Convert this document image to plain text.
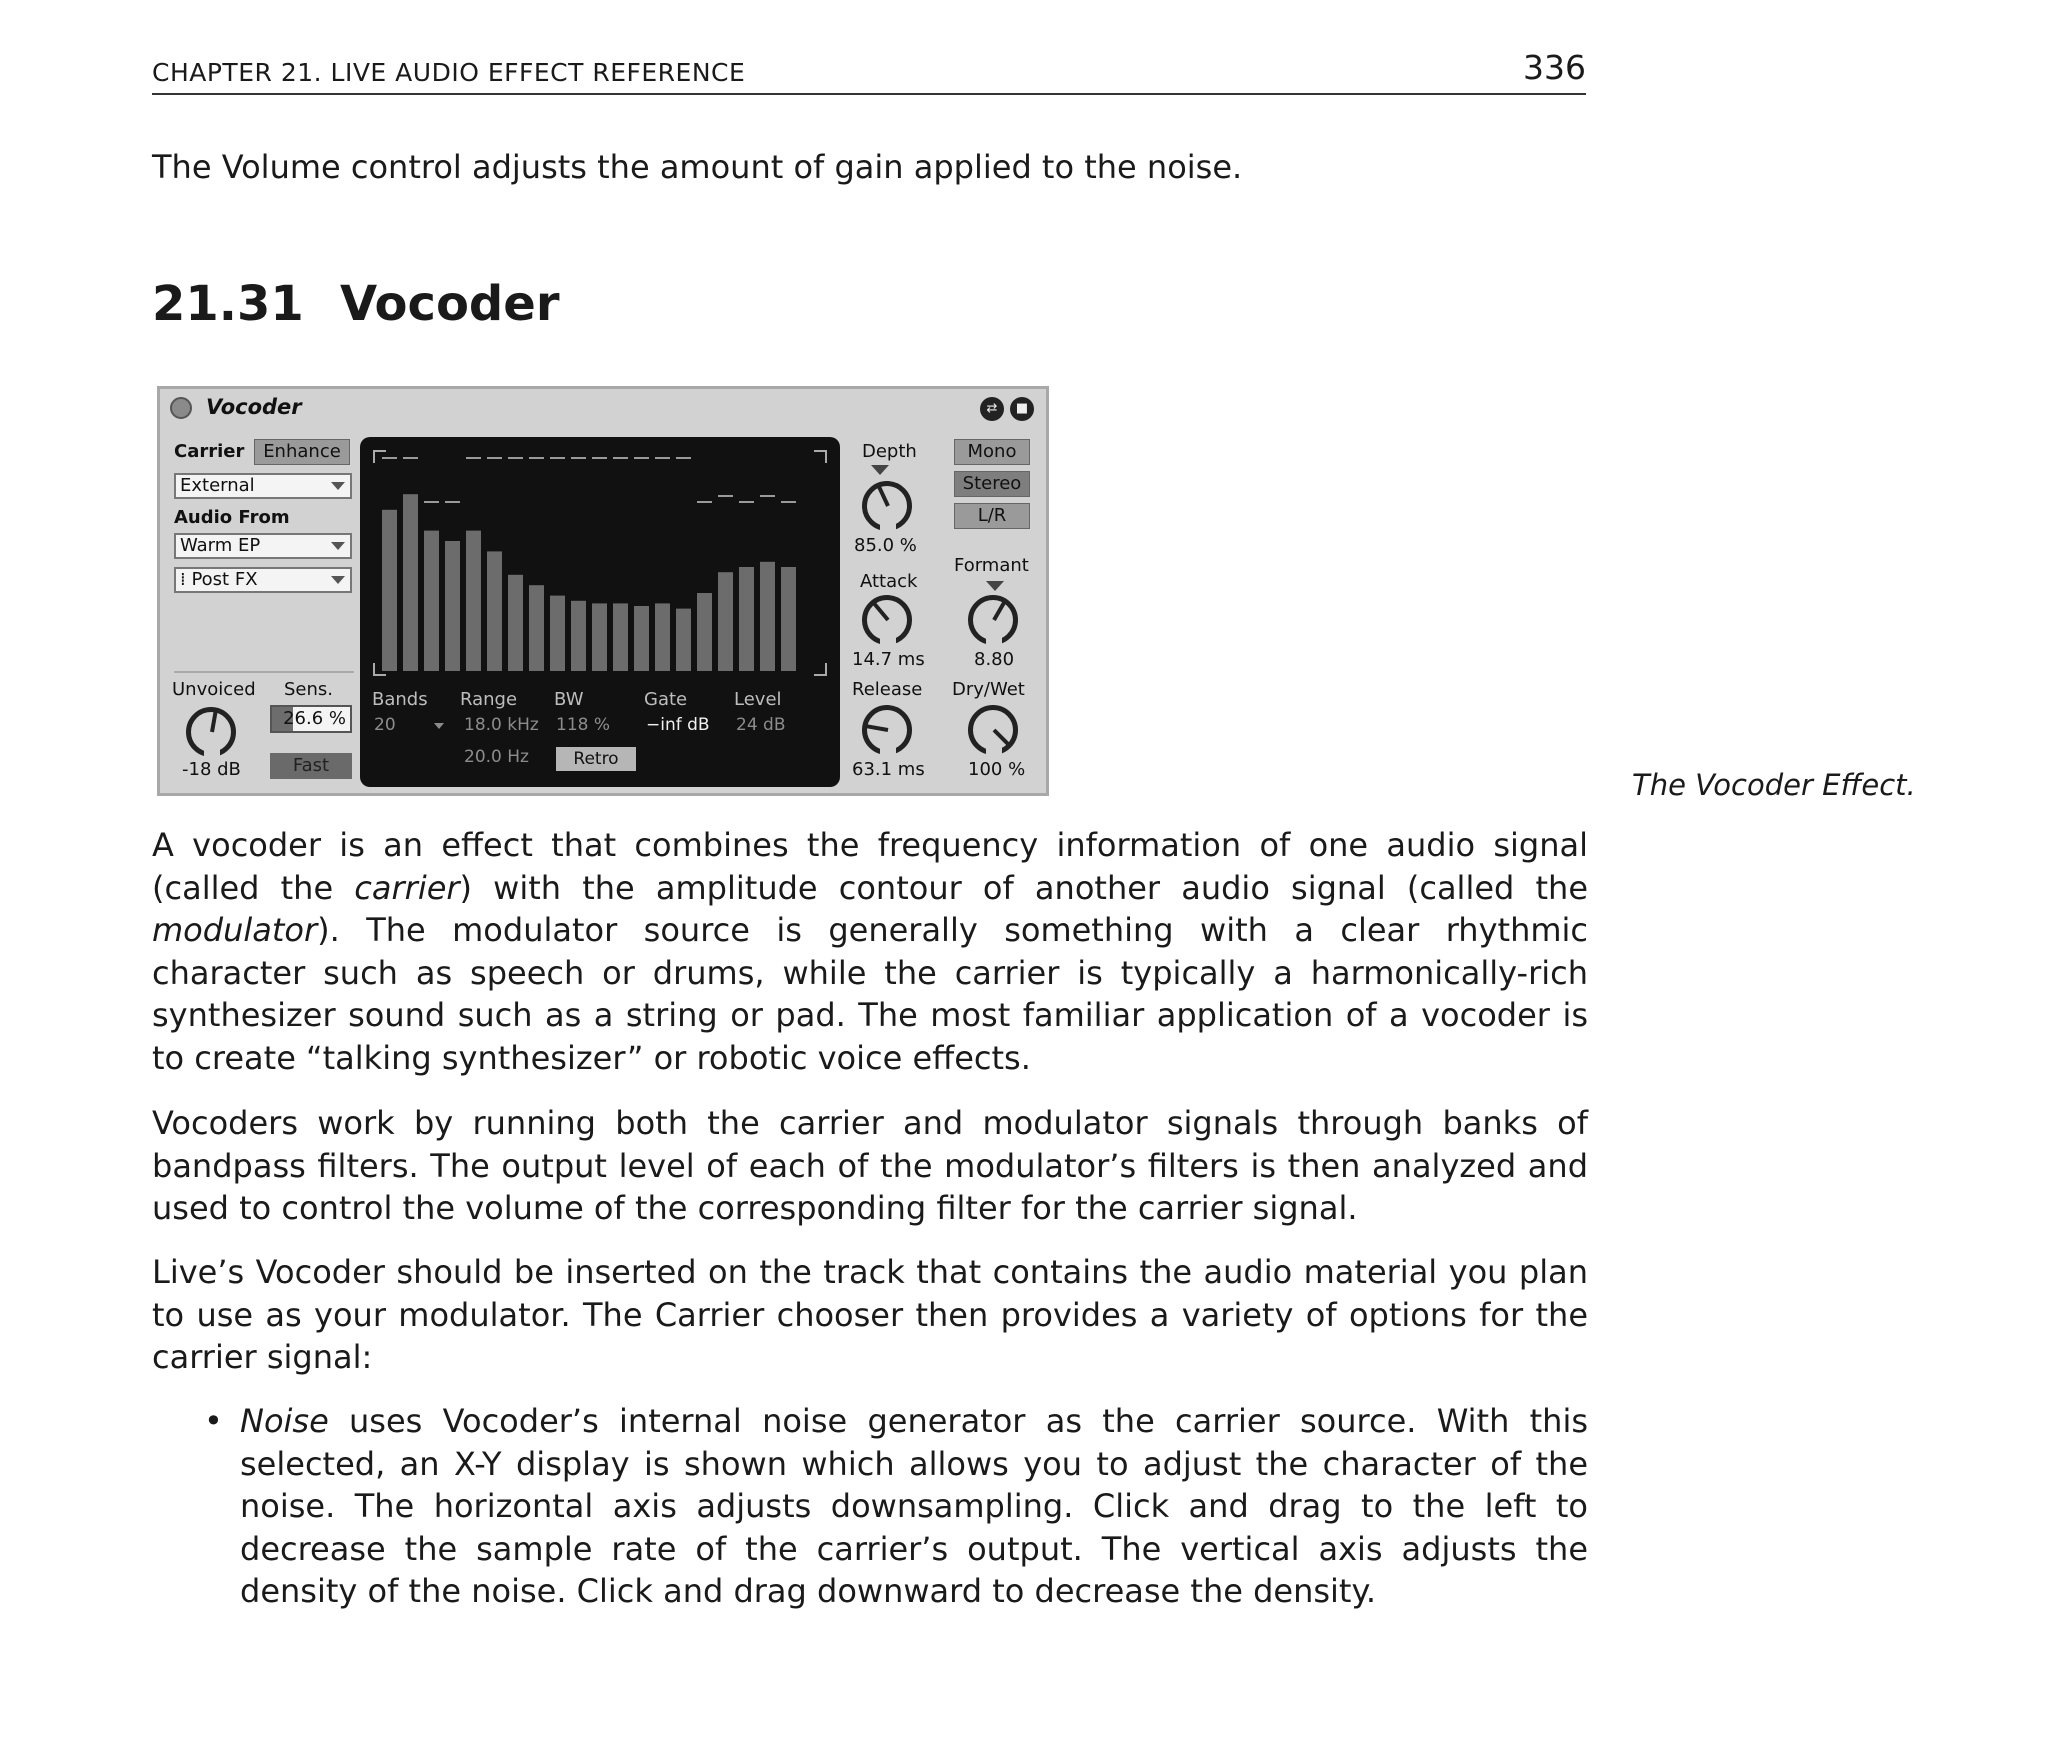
CHAPTER 21. LIVE AUDIO EFFECT REFERENCE	336
The Volume control adjusts the amount of gain applied to the noise.
21.31 Vocoder
Vocoder	⇄	■
Carrier	Enhance
External
Audio From
Warm EP
⁞ Post FX
Unvoiced
-18 dB
Sens.
26.6 %
Fast
Bands
20
Range
18.0 kHz
20.0 Hz
BW
118 %
Gate
−inf dB
Level
24 dB
Retro
Depth
85.0 %
Attack
14.7 ms
Release
63.1 ms
Mono
Stereo
L/R
Formant
8.80
Dry/Wet
100 %	The Vocoder Effect.
A vocoder is an effect that combines the frequency information of one audio signal (called the carrier) with the amplitude contour of another audio signal (called the modulator). The modulator source is generally something with a clear rhythmic character such as speech or drums, while the carrier is typically a harmonically-rich synthesizer sound such as a string or pad. The most familiar application of a vocoder is to create “talking synthesizer” or robotic voice effects.
Vocoders work by running both the carrier and modulator signals through banks of bandpass filters. The output level of each of the modulator’s filters is then analyzed and used to control the volume of the corresponding filter for the carrier signal.
Live’s Vocoder should be inserted on the track that contains the audio material you plan to use as your modulator. The Carrier chooser then provides a variety of options for the carrier signal:
• Noise uses Vocoder’s internal noise generator as the carrier source. With this selected, an X-Y display is shown which allows you to adjust the character of the noise. The horizontal axis adjusts downsampling. Click and drag to the left to decrease the sample rate of the carrier’s output. The vertical axis adjusts the density of the noise. Click and drag downward to decrease the density.
